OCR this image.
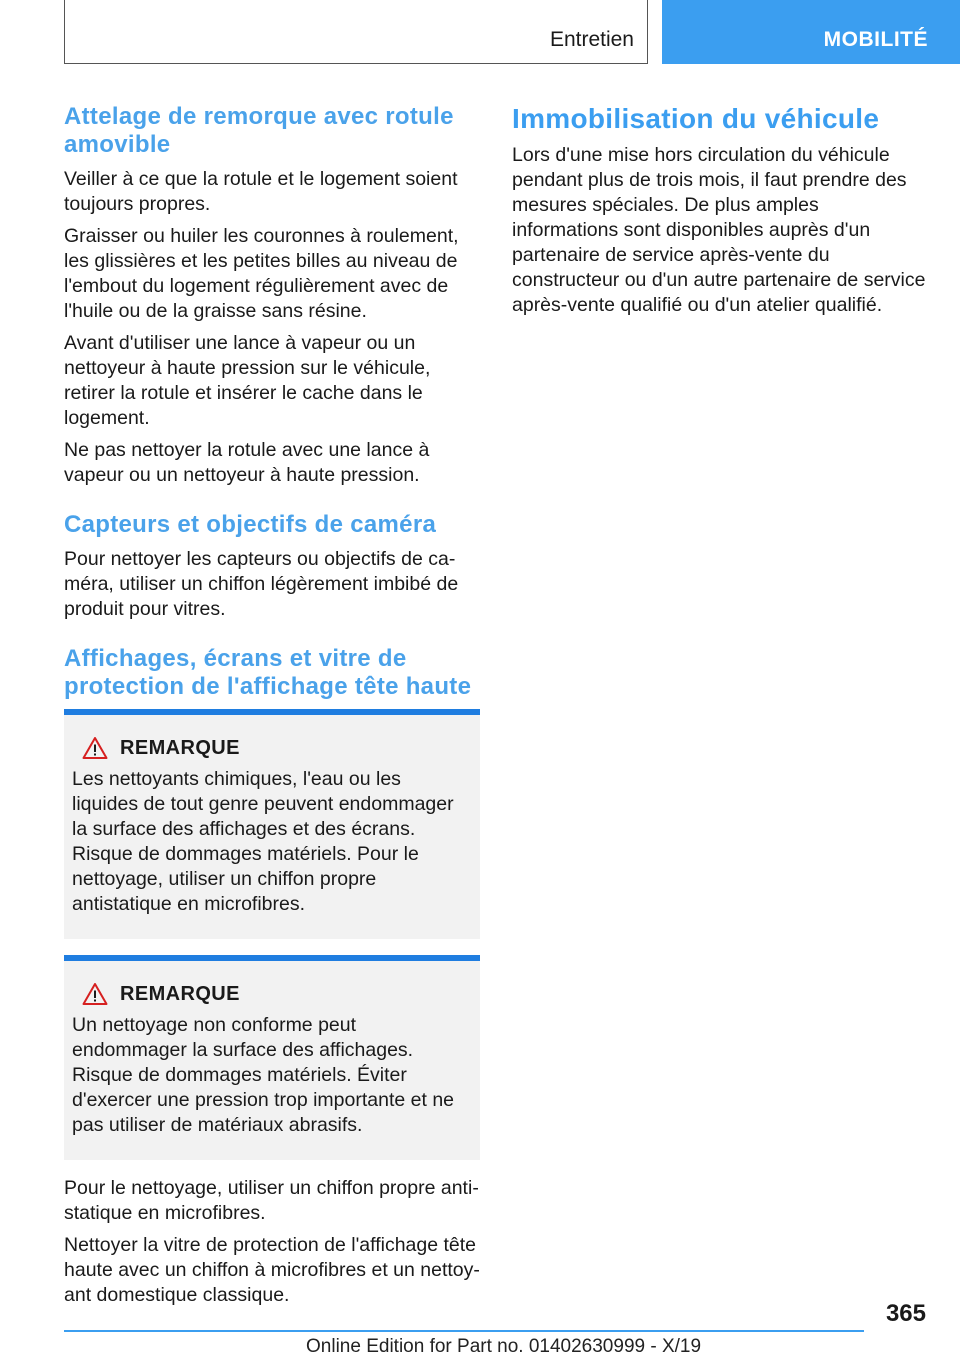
Entretien	MOBILITÉ
Attelage de remorque avec rotule amovible

Veiller à ce que la rotule et le logement soient toujours propres.

Graisser ou huiler les couronnes à roulement, les glissières et les petites billes au niveau de l'embout du logement régulièrement avec de l'huile ou de la graisse sans résine.

Avant d'utiliser une lance à vapeur ou un nettoyeur à haute pression sur le véhicule, retirer la rotule et insérer le cache dans le logement.

Ne pas nettoyer la rotule avec une lance à vapeur ou un nettoyeur à haute pression.

Capteurs et objectifs de caméra

Pour nettoyer les capteurs ou objectifs de caméra, utiliser un chiffon légèrement imbibé de produit pour vitres.

Affichages, écrans et vitre de protection de l'affichage tête haute
REMARQUE

Les nettoyants chimiques, l'eau ou les liquides de tout genre peuvent endommager la surface des affichages et des écrans. Risque de dommages matériels. Pour le nettoyage, utiliser un chiffon propre antistatique en microfibres.

REMARQUE

Un nettoyage non conforme peut endommager la surface des affichages. Risque de dommages matériels. Éviter d'exercer une pression trop importante et ne pas utiliser de matériaux abrasifs.

Pour le nettoyage, utiliser un chiffon propre antistatique en microfibres.

Nettoyer la vitre de protection de l'affichage tête haute avec un chiffon à microfibres et un nettoyant domestique classique.

Immobilisation du véhicule

Lors d'une mise hors circulation du véhicule pendant plus de trois mois, il faut prendre des mesures spéciales. De plus amples informations sont disponibles auprès d'un partenaire de service après-vente du constructeur ou d'un autre partenaire de service après-vente qualifié ou d'un atelier qualifié.

365
Online Edition for Part no. 01402630999 - X/19
